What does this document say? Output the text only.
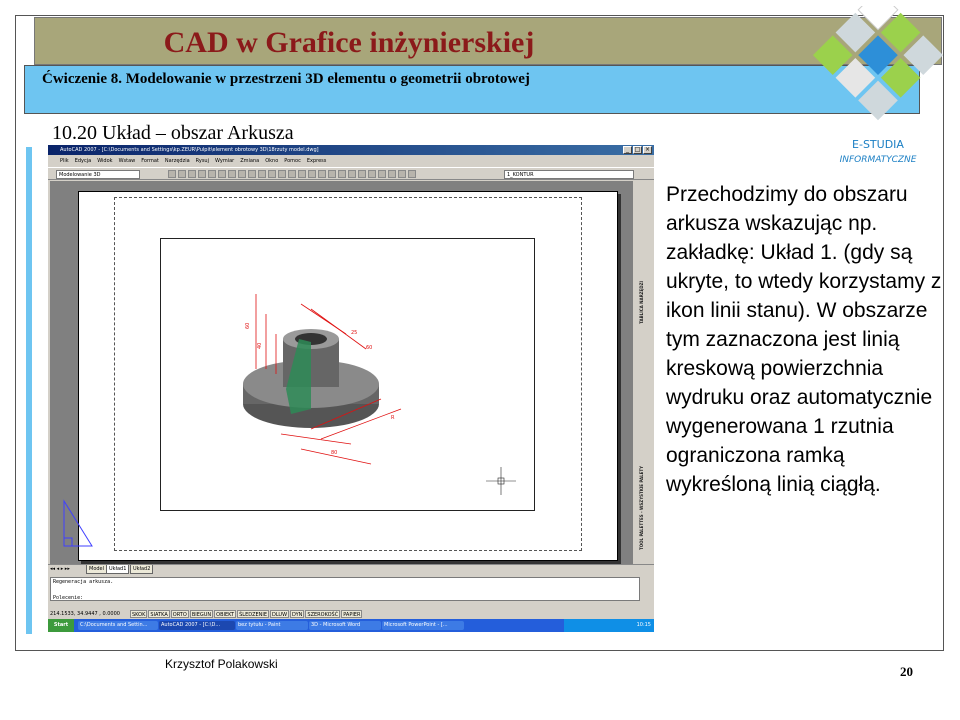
CAD w Grafice inżynierskiej
Ćwiczenie 8. Modelowanie w przestrzeni 3D elementu o geometrii obrotowej
E-STUDIA
INFORMATYCZNE
10.20 Układ – obszar Arkusza
AutoCAD 2007 - [C:\Documents and Settings\kp.ZEUR\Pulpit\element obrotowy 3D\18rzuty model.dwg]	_ □ ×
Plik Edycja Widok Wstaw Format Narzędzia Rysuj Wymiar Zmiana Okno Pomoc Express
Modelowanie 3D	1_KONTUR
60
40
25
60
R
80
TABLICA NARZĘDZI
TOOL PALETTES - WSZYSTKIE PALETY
◂◂ ◂ ▸ ▸▸	Model Układ1	Układ2
Regeneracja arkusza.
Polecenie:
214.1533, 34.9447 , 0.0000	SKOK	SIATKA	ORTO	BIEGUN	OBIEKT	ŚLEDZENIE	DLUW	DYN	SZEROKOŚĆ	PAPIER
Start	C:\Documents and Settin...	AutoCAD 2007 - [C:\D...	bez tytułu - Paint	3D - Microsoft Word	Microsoft PowerPoint - [...	10:15
Przechodzimy do obszaru arkusza wskazując np. zakładkę: Układ 1. (gdy są ukryte, to wtedy korzystamy z ikon linii stanu). W obszarze tym zaznaczona jest linią kreskową powierzchnia wydruku oraz automatycznie wygenerowana 1 rzutnia ograniczona ramką wykreśloną linią ciągłą.
Krzysztof Polakowski	20
